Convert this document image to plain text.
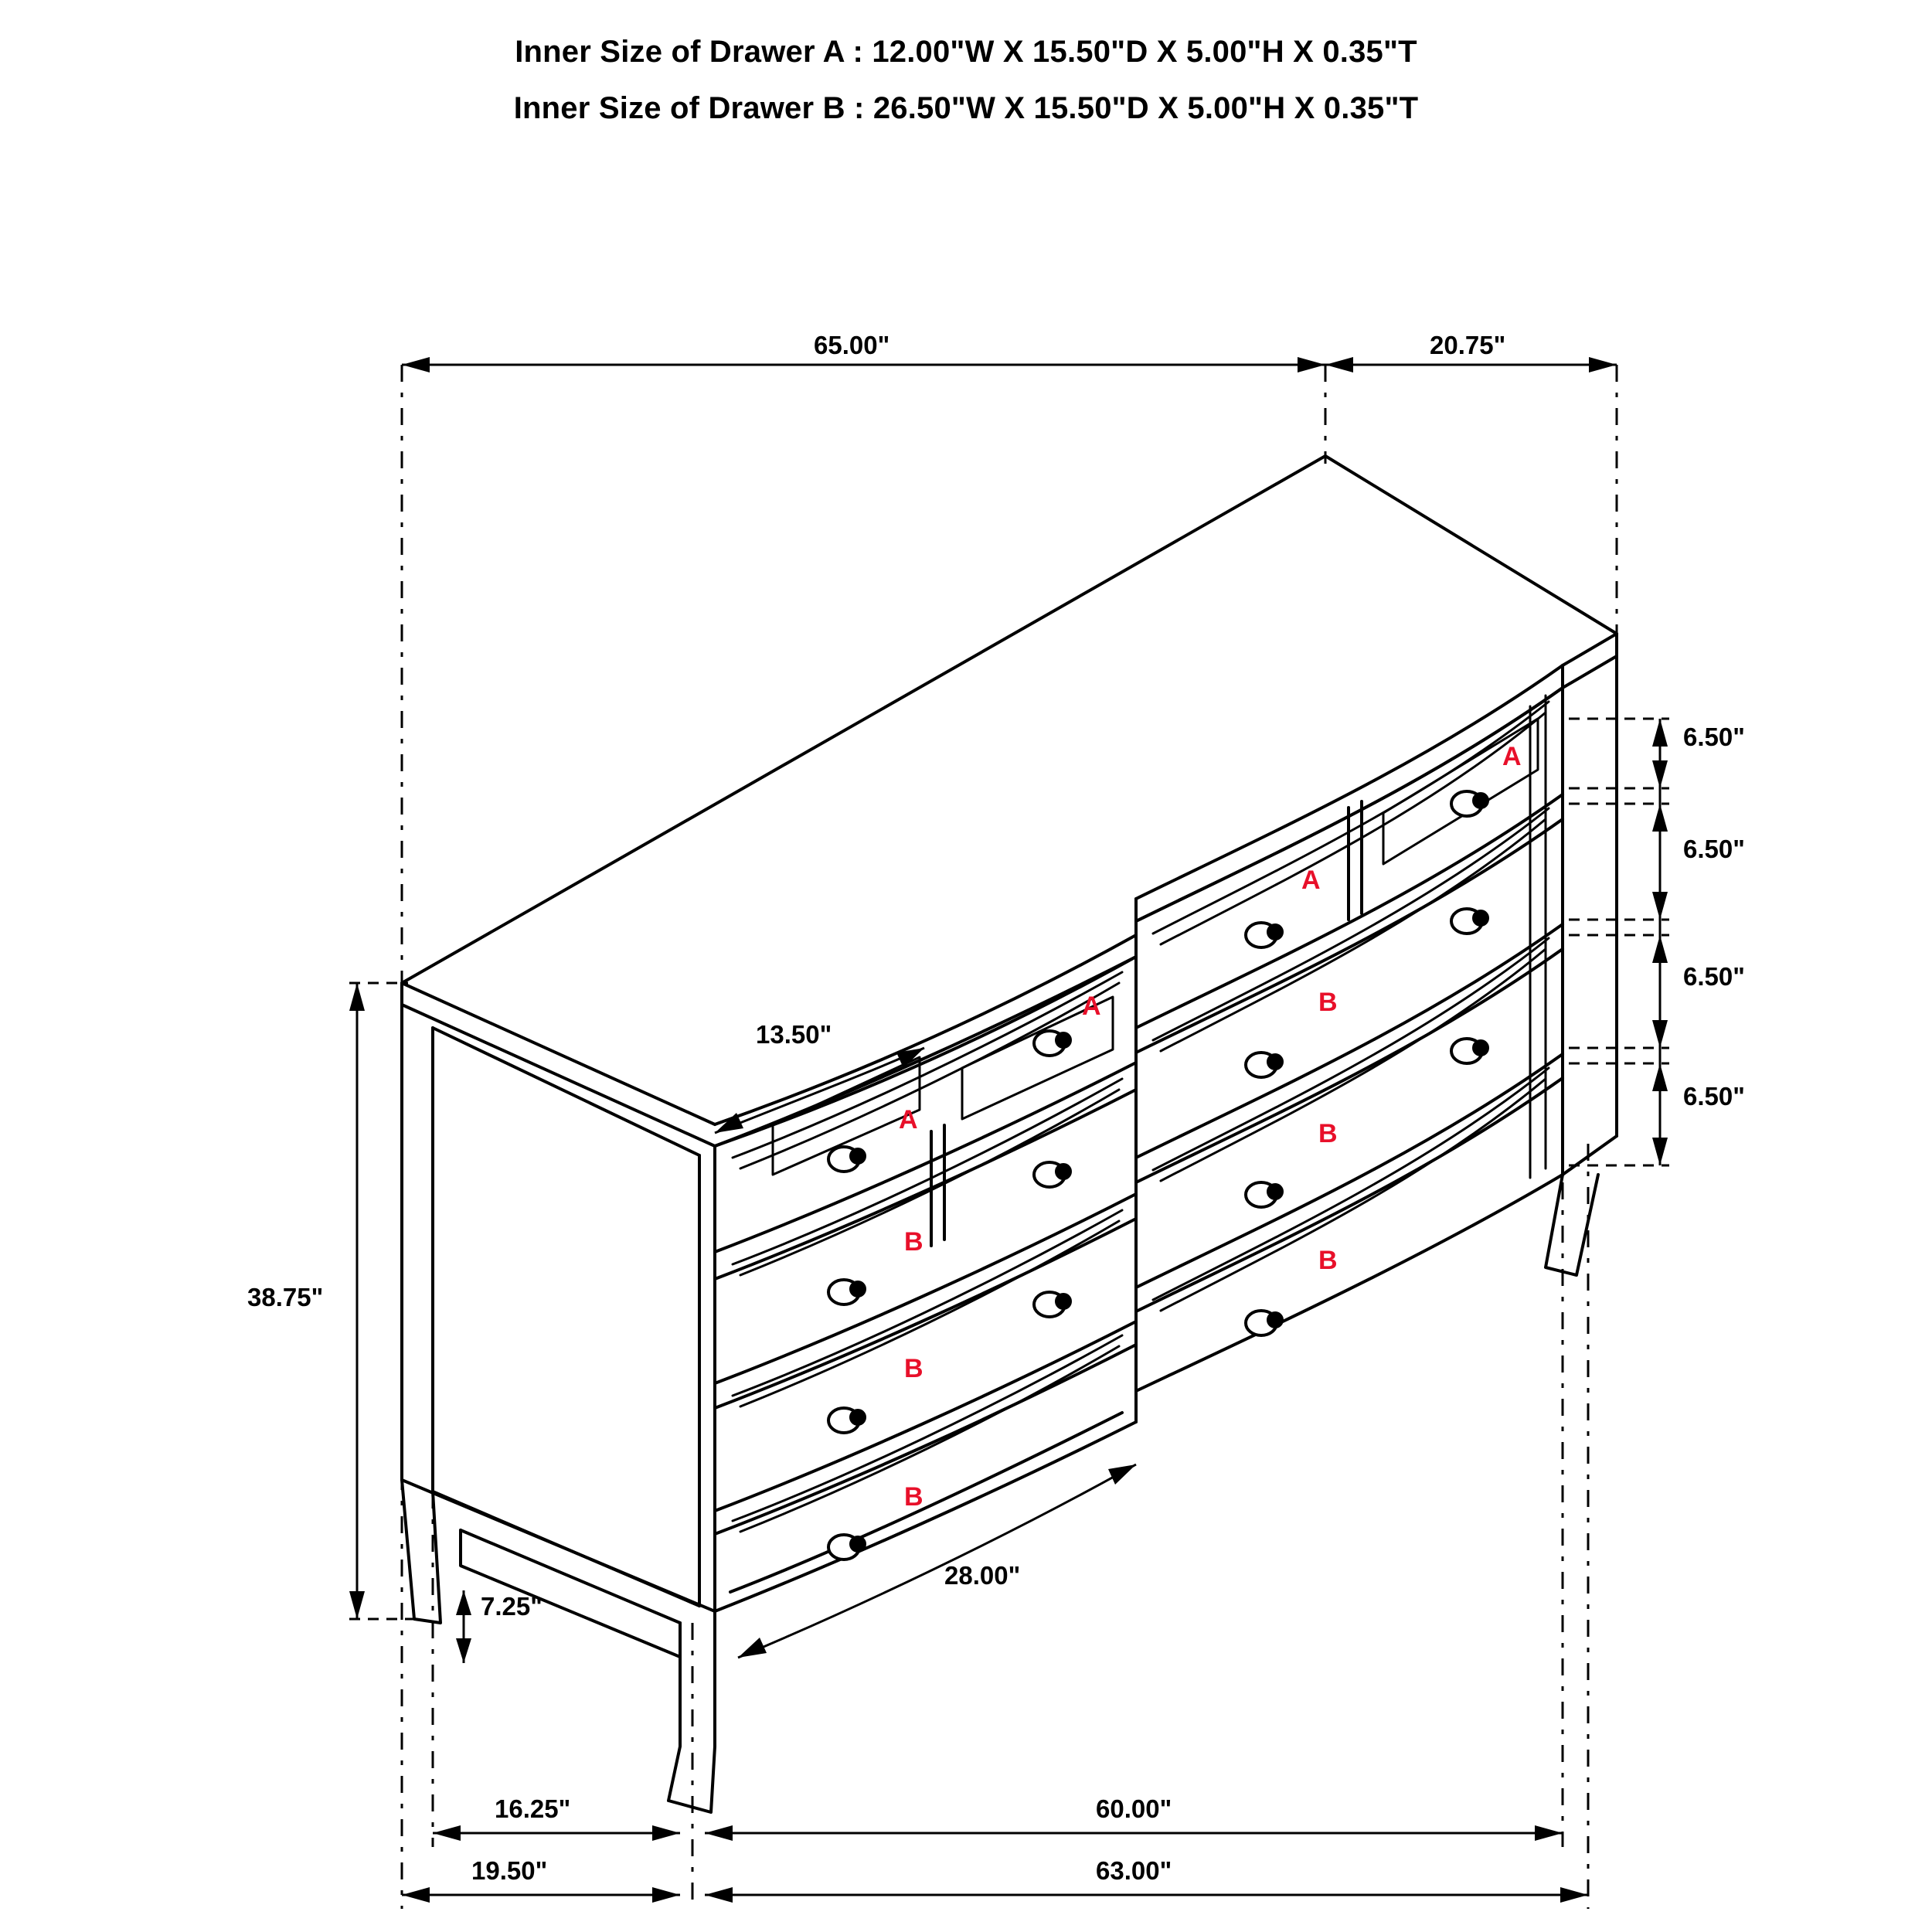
Inner Size of Drawer A : 12.00"W X 15.50"D X 5.00"H X 0.35"T
Inner Size of Drawer B : 26.50"W X 15.50"D X 5.00"H X 0.35"T
65.00"	20.75"
6.50"
6.50"
6.50"
6.50"
38.75"
7.25"
13.50"
28.00"
16.25"
19.50"
60.00"
63.00"
A
A
A
A
B
B
B
B
B
B
